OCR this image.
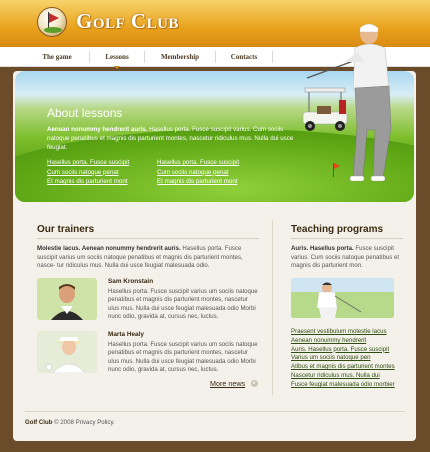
Golf Club
The game	Lessons	Membership	Contacts
About lessons
Aenean nonummy hendrerit auris. Hasellus porta. Fusce suscipit varius. Cum sociis natoque penatibus et magnis dis parturient montes, nascetur ridiculus mus. Nulla dui usce feugiat.
Hasellus porta. Fusce suscipit
Cum sociis natoque penat
Et magnis dis parturient mont
Hasellus porta. Fusce suscipit
Cum sociis natoque penat
Et magnis dis parturient mont
Our trainers
Molestie lacus. Aenean nonummy hendrerit auris. Hasellus porta. Fusce suscipit varius um sociis natoque penatibus et magnis dis parturient montes, nasce- tur ridiculus mus. Nulla dui usce feugiat malesuada odio.
Sam Kronstain
Hasellus porta. Fusce suscipit varius um sociis natoque penatibus et magnis dis parturient montes, nascetur ulus mus. Nulla dui usce feugiat malesuada odio Morbi nunc odio, gravida at, cursus nec, luctus.
Marta Healy
Hasellus porta. Fusce suscipit varius um sociis natoque penatibus et magnis dis parturient montes, nascetur ulus mus. Nulla dui usce feugiat malesuada odio Morbi nunc odio, gravida at, cursus nec, luctus.
More news	▸
Teaching programs
Auris. Hasellus porta. Fusce suscipit varius. Cum sociis natoque penatibus et magnis dis parturient mon.
Praesent vestibulum molestie lacus
Aenean nonummy hendrerit
Auris. Hasellus porta. Fusce suscipit
Varius um sociis natoque pen
Atibus et magnis dis parturient montes
Nascetur ridiculus mus. Nulla dui
Fusce feugiat malesuada odio morbier
Golf Club © 2008 Privacy Policy.
